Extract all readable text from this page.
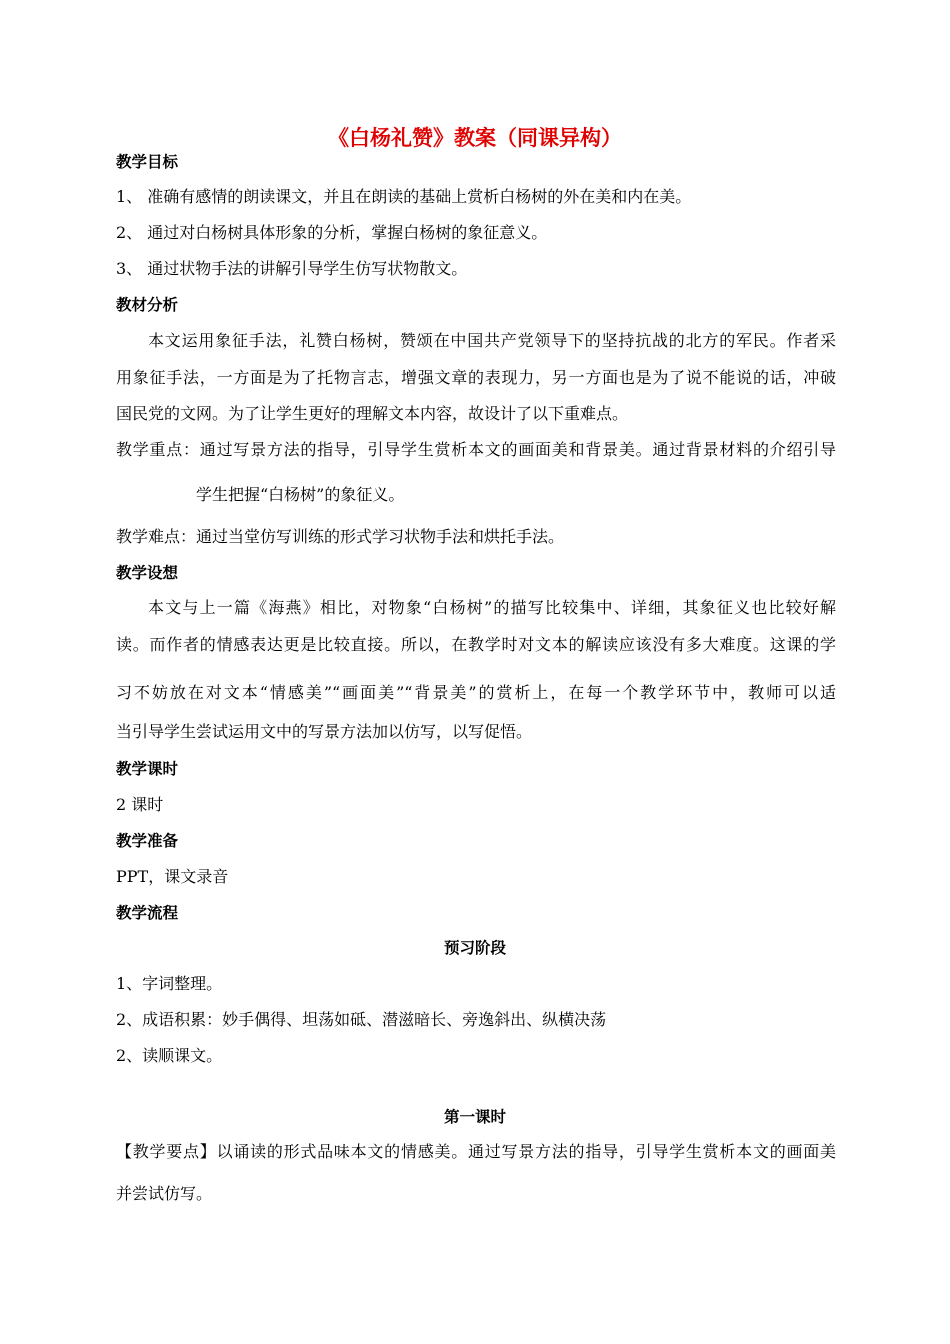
《白杨礼赞》教案（同课异构）
教学目标
1、 准确有感情的朗读课文，并且在朗读的基础上赏析白杨树的外在美和内在美。
2、 通过对白杨树具体形象的分析，掌握白杨树的象征意义。
3、 通过状物手法的讲解引导学生仿写状物散文。
教材分析
本文运用象征手法，礼赞白杨树，赞颂在中国共产党领导下的坚持抗战的北方的军民。作者采
用象征手法，一方面是为了托物言志，增强文章的表现力，另一方面也是为了说不能说的话，冲破
国民党的文网。为了让学生更好的理解文本内容，故设计了以下重难点。
教学重点：通过写景方法的指导，引导学生赏析本文的画面美和背景美。通过背景材料的介绍引导
学生把握“白杨树”的象征义。
教学难点：通过当堂仿写训练的形式学习状物手法和烘托手法。
教学设想
本文与上一篇《海燕》相比，对物象“白杨树”的描写比较集中、详细，其象征义也比较好解
读。而作者的情感表达更是比较直接。所以，在教学时对文本的解读应该没有多大难度。这课的学
习不妨放在对文本“情感美”“画面美”“背景美”的赏析上，在每一个教学环节中，教师可以适
当引导学生尝试运用文中的写景方法加以仿写，以写促悟。
教学课时
2 课时
教学准备
PPT，课文录音
教学流程
预习阶段
1、字词整理。
2、成语积累：妙手偶得、坦荡如砥、潜滋暗长、旁逸斜出、纵横决荡
2、读顺课文。
第一课时
【教学要点】以诵读的形式品味本文的情感美。通过写景方法的指导，引导学生赏析本文的画面美
并尝试仿写。
